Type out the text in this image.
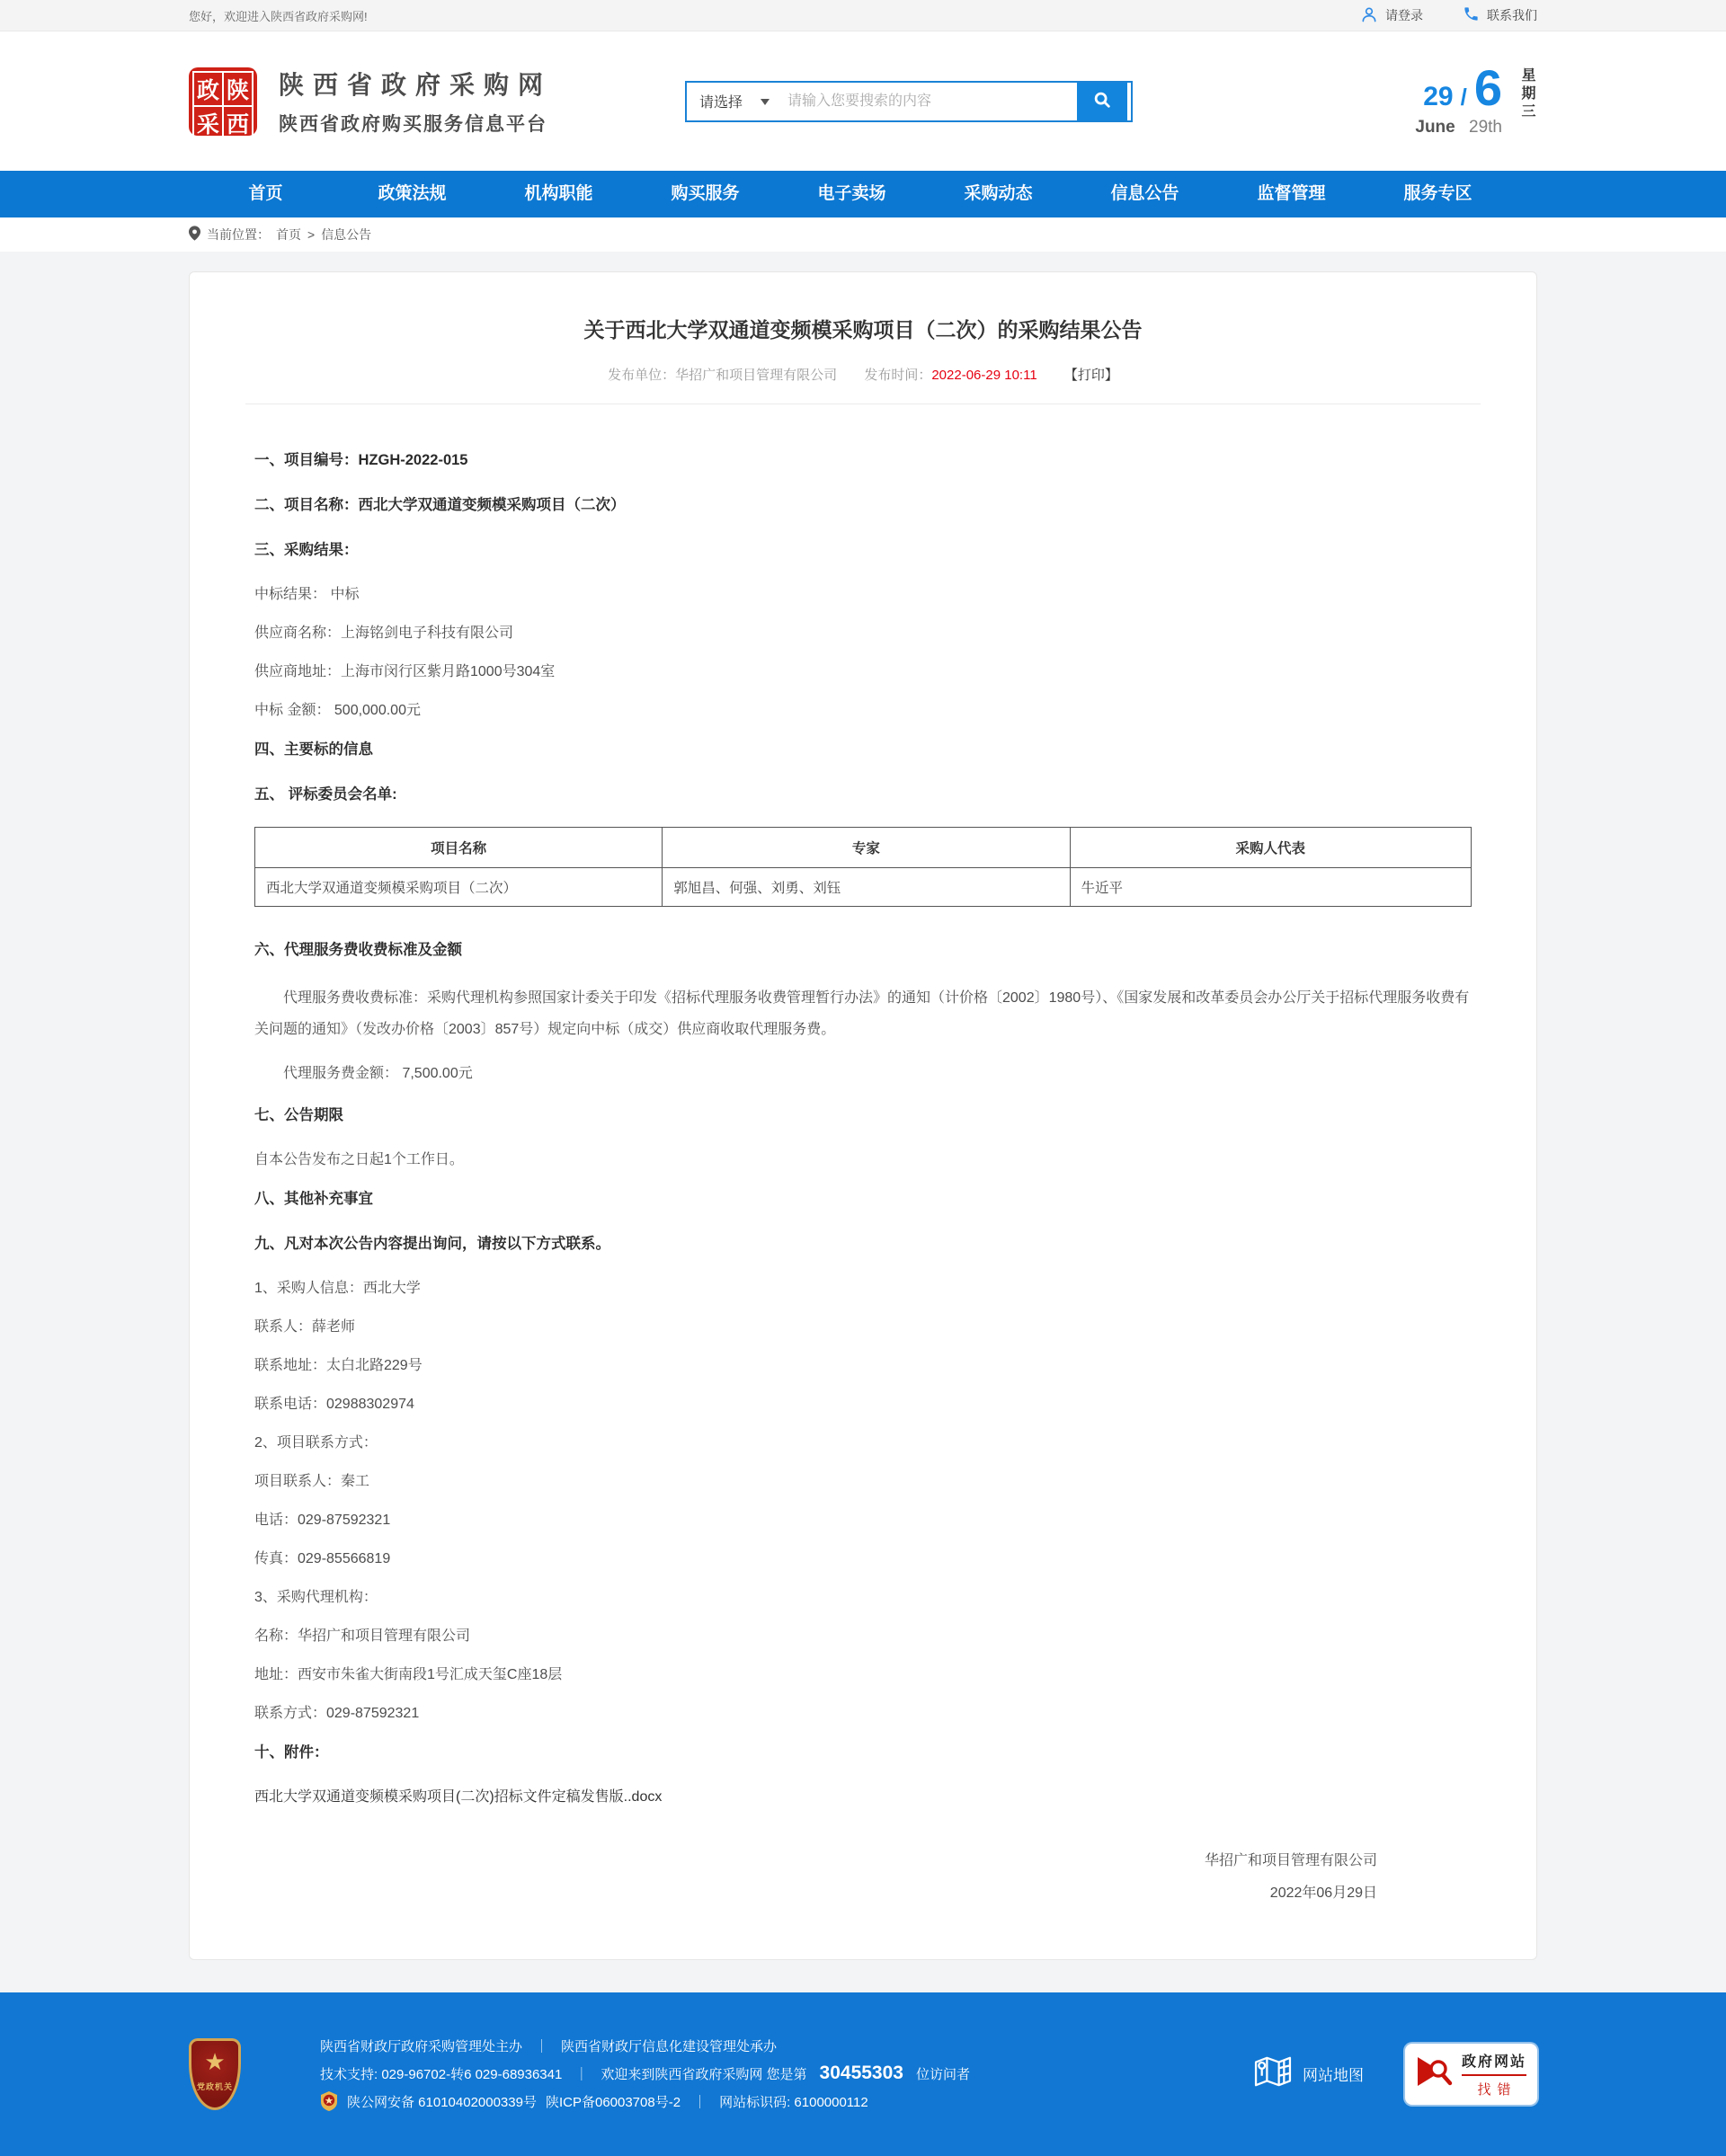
您好，欢迎进入陕西省政府采购网!	请登录	联系我们
政 陕
采 西
陕西省政府采购网
陕西省政府购买服务信息平台
请选择
请输入您要搜索的内容	29 / 6
June 29th
星期三
首页	政策法规	机构职能	购买服务	电子卖场	采购动态	信息公告	监督管理	服务专区
当前位置： 首页 > 信息公告
关于西北大学双通道变频模采购项目（二次）的采购结果公告
发布单位：华招广和项目管理有限公司 发布时间：2022-06-29 10:11 【打印】

一、项目编号：HZGH-2022-015

二、项目名称：西北大学双通道变频模采购项目（二次）

三、采购结果：

中标结果： 中标

供应商名称：上海铭剑电子科技有限公司

供应商地址：上海市闵行区紫月路1000号304室

中标 金额： 500,000.00元

四、主要标的信息

五、 评标委员会名单:

项目名称	专家	采购人代表
西北大学双通道变频模采购项目（二次）	郭旭昌、何强、刘勇、刘钰	牛近平

六、代理服务费收费标准及金额

代理服务费收费标准：采购代理机构参照国家计委关于印发《招标代理服务收费管理暂行办法》的通知（计价格〔2002〕1980号）、《国家发展和改革委员会办公厅关于招标代理服务收费有关问题的通知》（发改办价格〔2003〕857号）规定向中标（成交）供应商收取代理服务费。

代理服务费金额： 7,500.00元

七、公告期限

自本公告发布之日起1个工作日。

八、其他补充事宜

九、凡对本次公告内容提出询问，请按以下方式联系。

1、采购人信息：西北大学

联系人：薛老师

联系地址：太白北路229号

联系电话：02988302974

2、项目联系方式：

项目联系人：秦工

电话：029-87592321

传真：029-85566819

3、采购代理机构：

名称：华招广和项目管理有限公司

地址：西安市朱雀大街南段1号汇成天玺C座18层

联系方式：029-87592321

十、附件：

西北大学双通道变频模采购项目(二次)招标文件定稿发售版..docx

华招广和项目管理有限公司
2022年06月29日
★
党政机关
陕西省财政厅政府采购管理处主办 ｜ 陕西省财政厅信息化建设管理处承办
技术支持: 029-96702-转6 029-68936341 ｜ 欢迎来到陕西省政府采购网 您是第 30455303 位访问者
陕公网安备 61010402000339号 陕ICP备06003708号-2 ｜ 网站标识码: 6100000112
网站地图
政府网站
找错
